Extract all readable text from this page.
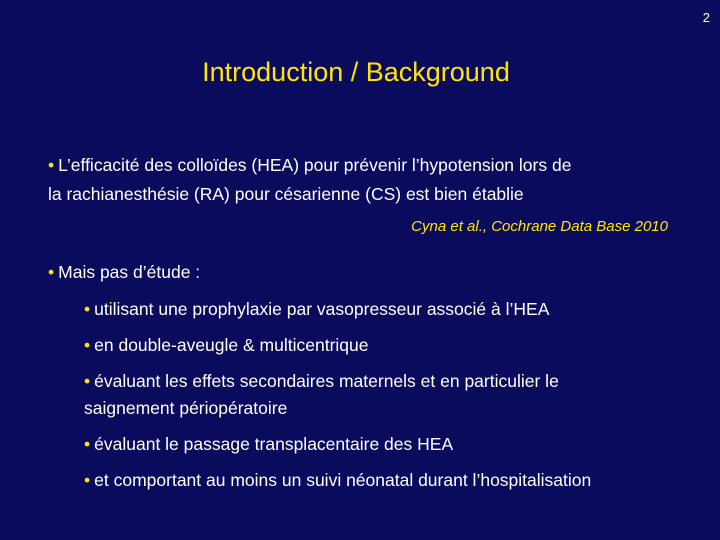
2
Introduction / Background
• L’efficacité des colloïdes (HEA) pour prévenir l’hypotension lors de
la rachianesthésie (RA) pour césarienne (CS) est bien établie
Cyna et al., Cochrane Data Base 2010
• Mais pas d’étude :
• utilisant une prophylaxie par vasopresseur associé à l’HEA
• en double-aveugle & multicentrique
• évaluant les effets secondaires maternels et en particulier le saignement périopératoire
• évaluant le passage transplacentaire des HEA
• et comportant au moins un suivi néonatal durant l’hospitalisation
